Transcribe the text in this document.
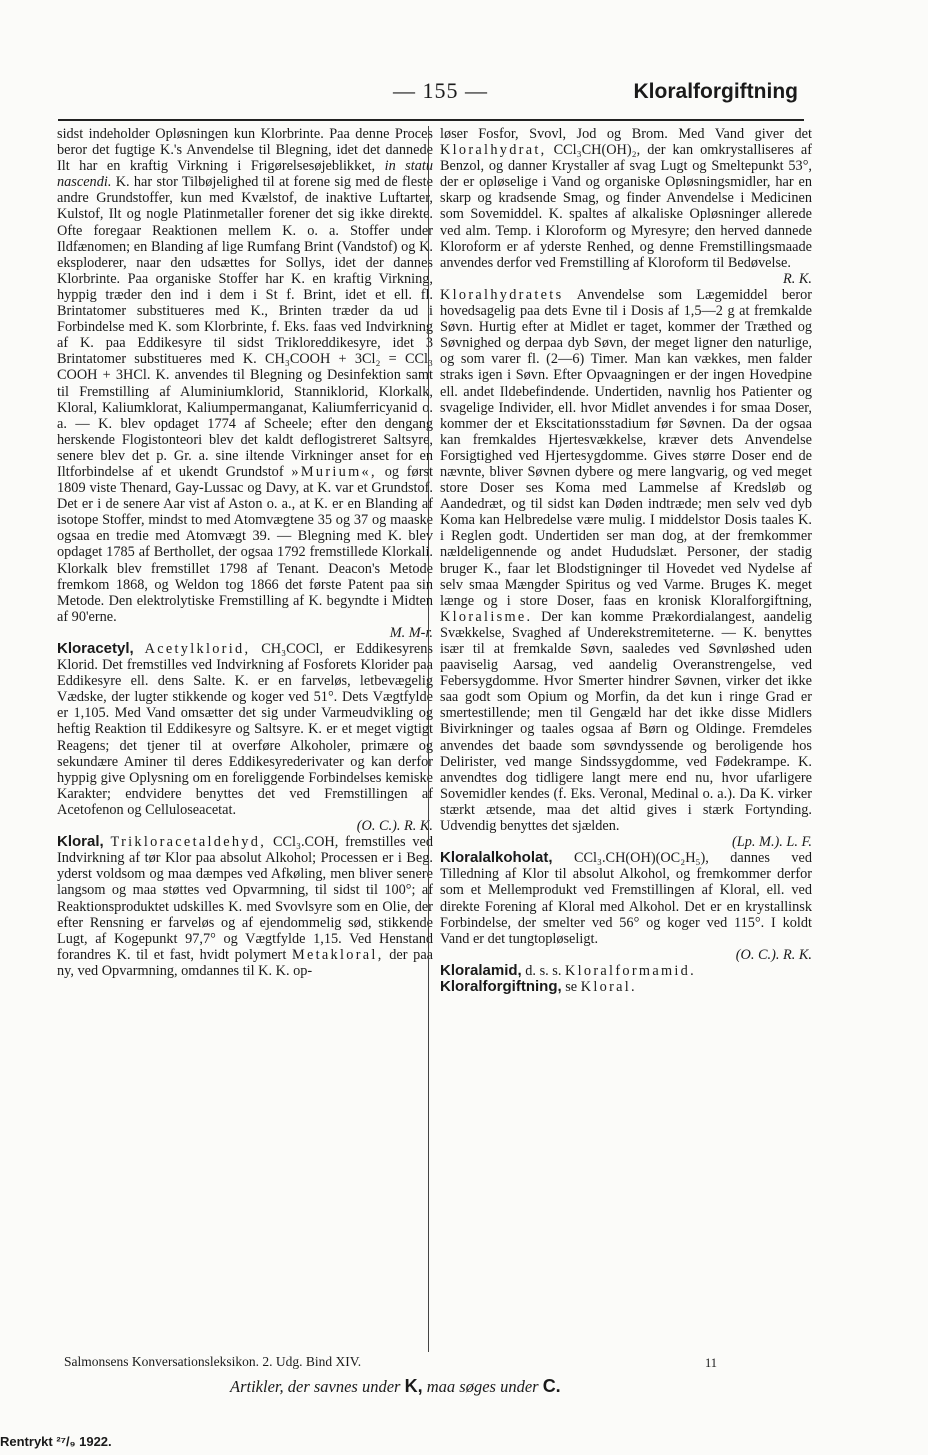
— 155 —	Kloralforgiftning

sidst indeholder Opløsningen kun Klorbrinte. Paa denne Proces beror det fugtige K.'s Anvendelse til Blegning, idet det dannede Ilt har en kraftig Virkning i Frigørelsesøjeblikket, in statu nascendi. K. har stor Tilbøjelighed til at forene sig med de fleste andre Grundstoffer, kun med Kvælstof, de inaktive Luftarter, Kulstof, Ilt og nogle Platinmetaller forener det sig ikke direkte. Ofte foregaar Reaktionen mellem K. o. a. Stoffer under Ildfænomen; en Blanding af lige Rumfang Brint (Vandstof) og K. eksploderer, naar den udsættes for Sollys, idet der dannes Klorbrinte. Paa organiske Stoffer har K. en kraftig Virkning, hyppig træder den ind i dem i St f. Brint, idet et ell. fl. Brintatomer substitueres med K., Brinten træder da ud i Forbindelse med K. som Klorbrinte, f. Eks. faas ved Indvirkning af K. paa Eddikesyre til sidst Trikloreddikesyre, idet 3 Brintatomer substitueres med K. CH₃COOH + 3Cl₂ = CCl₃ COOH + 3HCl. K. anvendes til Blegning og Desinfektion samt til Fremstilling af Aluminiumklorid, Stanniklorid, Klorkalk, Kloral, Kaliumklorat, Kaliumpermanganat, Kaliumferricyanid o. a. — K. blev opdaget 1774 af Scheele; efter den dengang herskende Flogistonteori blev det kaldt deflogistreret Saltsyre, senere blev det p. Gr. a. sine iltende Virkninger anset for en Iltforbindelse af et ukendt Grundstof »Murium«, og først 1809 viste Thenard, Gay-Lussac og Davy, at K. var et Grundstof. Det er i de senere Aar vist af Aston o. a., at K. er en Blanding af isotope Stoffer, mindst to med Atomvægtene 35 og 37 og maaske ogsaa en tredie med Atomvægt 39. — Blegning med K. blev opdaget 1785 af Berthollet, der ogsaa 1792 fremstillede Klorkali. Klorkalk blev fremstillet 1798 af Tenant. Deacon's Metode fremkom 1868, og Weldon tog 1866 det første Patent paa sin Metode. Den elektrolytiske Fremstilling af K. begyndte i Midten af 90'erne.
M. M-r.

Kloracetyl, Acetylklorid, CH₃COCl, er Eddikesyrens Klorid. Det fremstilles ved Indvirkning af Fosforets Klorider paa Eddikesyre ell. dens Salte. K. er en farveløs, letbevægelig Vædske, der lugter stikkende og koger ved 51°. Dets Vægtfylde er 1,105. Med Vand omsætter det sig under Varmeudvikling og heftig Reaktion til Eddikesyre og Saltsyre. K. er et meget vigtigt Reagens; det tjener til at overføre Alkoholer, primære og sekundære Aminer til deres Eddikesyrederivater og kan derfor hyppig give Oplysning om en foreliggende Forbindelses kemiske Karakter; endvidere benyttes det ved Fremstillingen af Acetofenon og Celluloseacetat.
(O. C.). R. K.

Kloral, Trikloracetaldehyd, CCl₃.COH, fremstilles ved Indvirkning af tør Klor paa absolut Alkohol; Processen er i Beg. yderst voldsom og maa dæmpes ved Afkøling, men bliver senere langsom og maa støttes ved Opvarmning, til sidst til 100°; af Reaktionsproduktet udskilles K. med Svovlsyre som en Olie, der efter Rensning er farveløs og af ejendommelig sød, stikkende Lugt, af Kogepunkt 97,7° og Vægtfylde 1,15. Ved Henstand forandres K. til et fast, hvidt polymert Metakloral, der paa ny, ved Opvarmning, omdannes til K. K. op-

løser Fosfor, Svovl, Jod og Brom. Med Vand giver det Kloralhydrat, CCl₃CH(OH)₂, der kan omkrystalliseres af Benzol, og danner Krystaller af svag Lugt og Smeltepunkt 53°, der er opløselige i Vand og organiske Opløsningsmidler, har en skarp og kradsende Smag, og finder Anvendelse i Medicinen som Sovemiddel. K. spaltes af alkaliske Opløsninger allerede ved alm. Temp. i Kloroform og Myresyre; den herved dannede Kloroform er af yderste Renhed, og denne Fremstillingsmaade anvendes derfor ved Fremstilling af Kloroform til Bedøvelse.
R. K.

Kloralhydratets Anvendelse som Lægemiddel beror hovedsagelig paa dets Evne til i Dosis af 1,5—2 g at fremkalde Søvn. Hurtig efter at Midlet er taget, kommer der Træthed og Søvnighed og derpaa dyb Søvn, der meget ligner den naturlige, og som varer fl. (2—6) Timer. Man kan vækkes, men falder straks igen i Søvn. Efter Opvaagningen er der ingen Hovedpine ell. andet Ildebefindende. Undertiden, navnlig hos Patienter og svagelige Individer, ell. hvor Midlet anvendes i for smaa Doser, kommer der et Ekscitationsstadium før Søvnen. Da der ogsaa kan fremkaldes Hjertesvækkelse, kræver dets Anvendelse Forsigtighed ved Hjertesygdomme. Gives større Doser end de nævnte, bliver Søvnen dybere og mere langvarig, og ved meget store Doser ses Koma med Lammelse af Kredsløb og Aandedræt, og til sidst kan Døden indtræde; men selv ved dyb Koma kan Helbredelse være mulig. I middelstor Dosis taales K. i Reglen godt. Undertiden ser man dog, at der fremkommer nældeligennende og andet Hududslæt. Personer, der stadig bruger K., faar let Blodstigninger til Hovedet ved Nydelse af selv smaa Mængder Spiritus og ved Varme. Bruges K. meget længe og i store Doser, faas en kronisk Kloralforgiftning, Kloralisme. Der kan komme Prækordialangest, aandelig Svækkelse, Svaghed af Underekstremiteterne. — K. benyttes især til at fremkalde Søvn, saaledes ved Søvnløshed uden paaviselig Aarsag, ved aandelig Overanstrengelse, ved Febersygdomme. Hvor Smerter hindrer Søvnen, virker det ikke saa godt som Opium og Morfin, da det kun i ringe Grad er smertestillende; men til Gengæld har det ikke disse Midlers Bivirkninger og taales ogsaa af Børn og Oldinge. Fremdeles anvendes det baade som søvndyssende og beroligende hos Delirister, ved mange Sindssygdomme, ved Fødekrampe. K. anvendtes dog tidligere langt mere end nu, hvor ufarligere Sovemidler kendes (f. Eks. Veronal, Medinal o. a.). Da K. virker stærkt ætsende, maa det altid gives i stærk Fortynding. Udvendig benyttes det sjælden.
(Lp. M.). L. F.

Kloralalkoholat, CCl₃.CH(OH)(OC₂H₅), dannes ved Tilledning af Klor til absolut Alkohol, og fremkommer derfor som et Mellemprodukt ved Fremstillingen af Kloral, ell. ved direkte Forening af Kloral med Alkohol. Det er en krystallinsk Forbindelse, der smelter ved 56° og koger ved 115°. I koldt Vand er det tungtopløseligt.
(O. C.). R. K.

Kloralamid, d. s. s. Kloralformamid.

Kloralforgiftning, se Kloral.

Salmonsens Konversationsleksikon. 2. Udg. Bind XIV.	11
Artikler, der savnes under K, maa søges under C.
Rentrykt ²⁷/₉ 1922.
